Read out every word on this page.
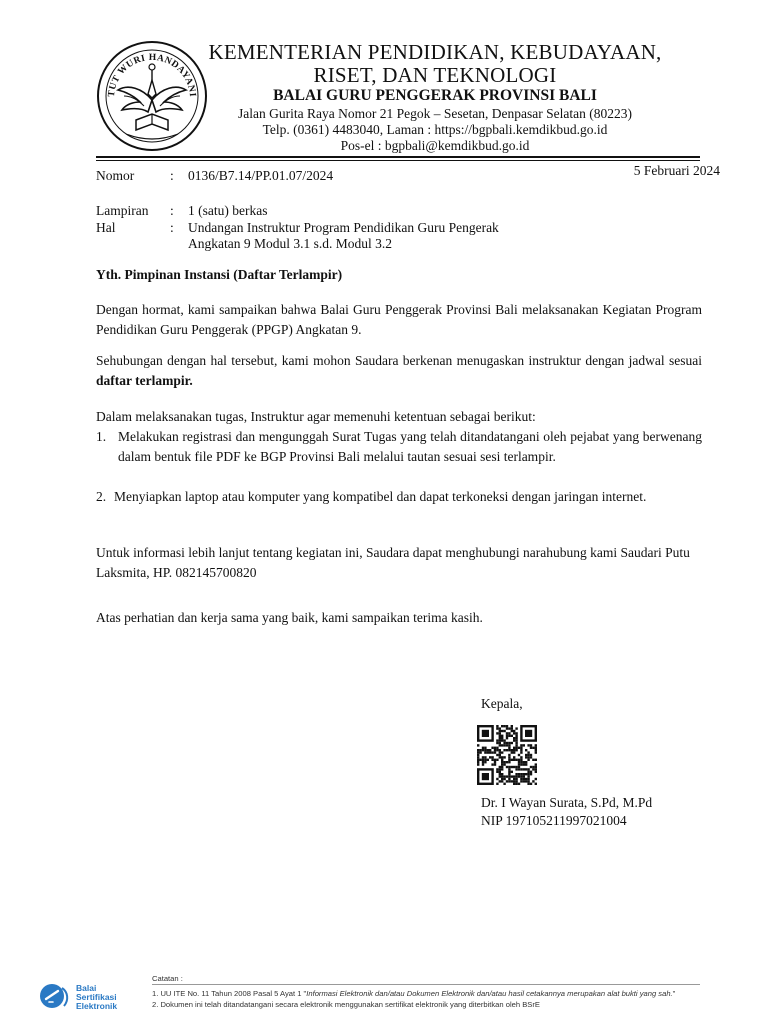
TUT WURI HANDAYANI
KEMENTERIAN PENDIDIKAN, KEBUDAYAAN,
RISET, DAN TEKNOLOGI
BALAI GURU PENGGERAK PROVINSI BALI
Jalan Gurita Raya Nomor 21 Pegok – Sesetan, Denpasar Selatan (80223)
Telp. (0361) 4483040, Laman : https://bgpbali.kemdikbud.go.id
Pos-el : bgpbali@kemdikbud.go.id
Nomor	: 0136/B7.14/PP.01.07/2024	5 Februari 2024
Lampiran : 1 (satu) berkas
Hal	: Undangan Instruktur Program Pendidikan Guru Pengerak
Angkatan 9 Modul 3.1 s.d. Modul 3.2
Yth. Pimpinan Instansi (Daftar Terlampir)
Dengan hormat, kami sampaikan bahwa Balai Guru Penggerak Provinsi Bali melaksanakan Kegiatan Program Pendidikan Guru Penggerak (PPGP) Angkatan 9.
Sehubungan dengan hal tersebut, kami mohon Saudara berkenan menugaskan instruktur dengan jadwal sesuai daftar terlampir.
Dalam melaksanakan tugas, Instruktur agar memenuhi ketentuan sebagai berikut:
1. Melakukan registrasi dan mengunggah Surat Tugas yang telah ditandatangani oleh pejabat yang berwenang dalam bentuk file PDF ke BGP Provinsi Bali melalui tautan sesuai sesi terlampir.
2. Menyiapkan laptop atau komputer yang kompatibel dan dapat terkoneksi dengan jaringan internet.
Untuk informasi lebih lanjut tentang kegiatan ini, Saudara dapat menghubungi narahubung kami Saudari Putu Laksmita, HP. 082145700820
Atas perhatian dan kerja sama yang baik, kami sampaikan terima kasih.
Kepala,
Dr. I Wayan Surata, S.Pd, M.Pd
NIP 197105211997021004
Balai
Sertifikasi
Elektronik
Catatan :
1. UU ITE No. 11 Tahun 2008 Pasal 5 Ayat 1 "Informasi Elektronik dan/atau Dokumen Elektronik dan/atau hasil cetakannya merupakan alat bukti yang sah."
2. Dokumen ini telah ditandatangani secara elektronik menggunakan sertifikat elektronik yang diterbitkan oleh BSrE
